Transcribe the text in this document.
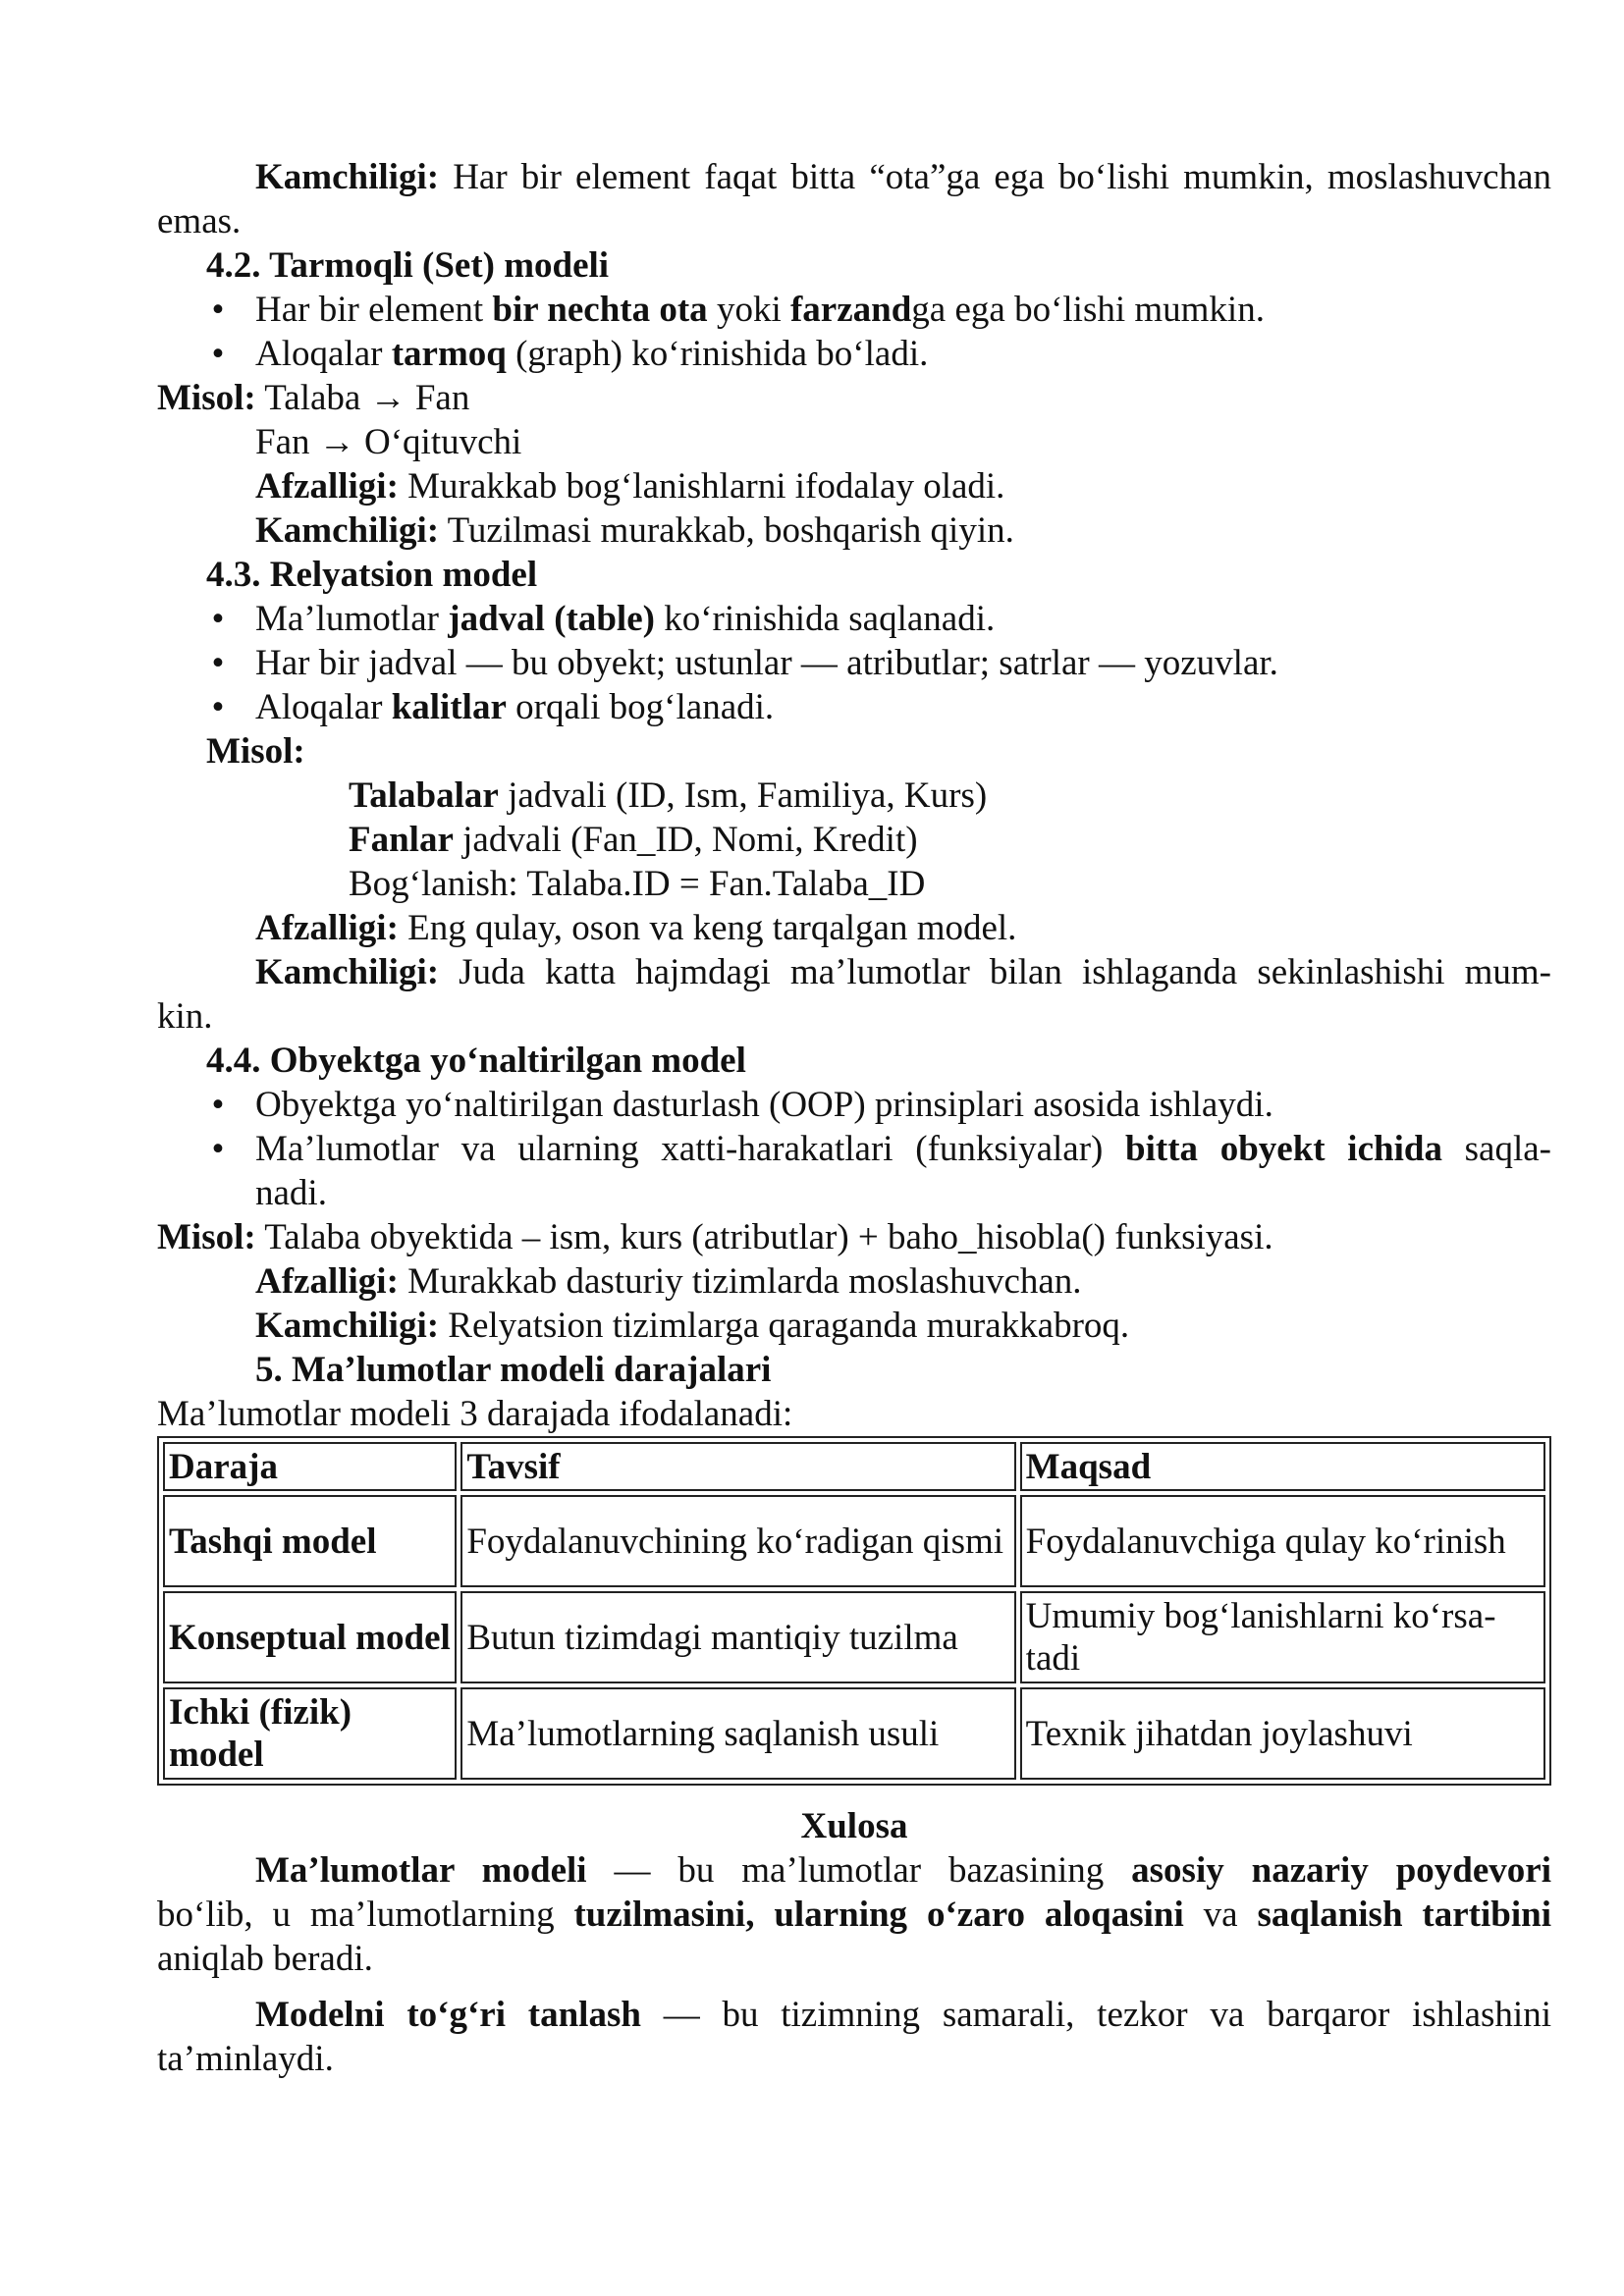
Kamchiligi: Har bir element faqat bitta “ota”ga ega bo‘lishi mumkin, moslashuvchan
emas.
4.2. Tarmoqli (Set) modeli
• Har bir element bir nechta ota yoki farzandga ega bo‘lishi mumkin.
• Aloqalar tarmoq (graph) ko‘rinishida bo‘ladi.
Misol: Talaba → Fan
Fan → O‘qituvchi
Afzalligi: Murakkab bog‘lanishlarni ifodalay oladi.
Kamchiligi: Tuzilmasi murakkab, boshqarish qiyin.
4.3. Relyatsion model
• Ma’lumotlar jadval (table) ko‘rinishida saqlanadi.
• Har bir jadval — bu obyekt; ustunlar — atributlar; satrlar — yozuvlar.
• Aloqalar kalitlar orqali bog‘lanadi.
Misol:
Talabalar jadvali (ID, Ism, Familiya, Kurs)
Fanlar jadvali (Fan_ID, Nomi, Kredit)
Bog‘lanish: Talaba.ID = Fan.Talaba_ID
Afzalligi: Eng qulay, oson va keng tarqalgan model.
Kamchiligi: Juda katta hajmdagi ma’lumotlar bilan ishlaganda sekinlashishi mum-
kin.
4.4. Obyektga yo‘naltirilgan model
• Obyektga yo‘naltirilgan dasturlash (OOP) prinsiplari asosida ishlaydi.
• Ma’lumotlar va ularning xatti-harakatlari (funksiyalar) bitta obyekt ichida saqla-
nadi.
Misol: Talaba obyektida – ism, kurs (atributlar) + baho_hisobla() funksiyasi.
Afzalligi: Murakkab dasturiy tizimlarda moslashuvchan.
Kamchiligi: Relyatsion tizimlarga qaraganda murakkabroq.
5. Ma’lumotlar modeli darajalari
Ma’lumotlar modeli 3 darajada ifodalanadi:
Daraja	Tavsif	Maqsad
Tashqi model	Foydalanuvchining ko‘radigan qismi	Foydalanuvchiga qulay ko‘rinish
Konseptual model	Butun tizimdagi mantiqiy tuzilma	Umumiy bog‘lanishlarni ko‘rsa-tadi
Ichki (fizik) model	Ma’lumotlarning saqlanish usuli	Texnik jihatdan joylashuvi
Xulosa
Ma’lumotlar modeli — bu ma’lumotlar bazasining asosiy nazariy poydevori
bo‘lib, u ma’lumotlarning tuzilmasini, ularning o‘zaro aloqasini va saqlanish tartibini
aniqlab beradi.
Modelni to‘g‘ri tanlash — bu tizimning samarali, tezkor va barqaror ishlashini
ta’minlaydi.
